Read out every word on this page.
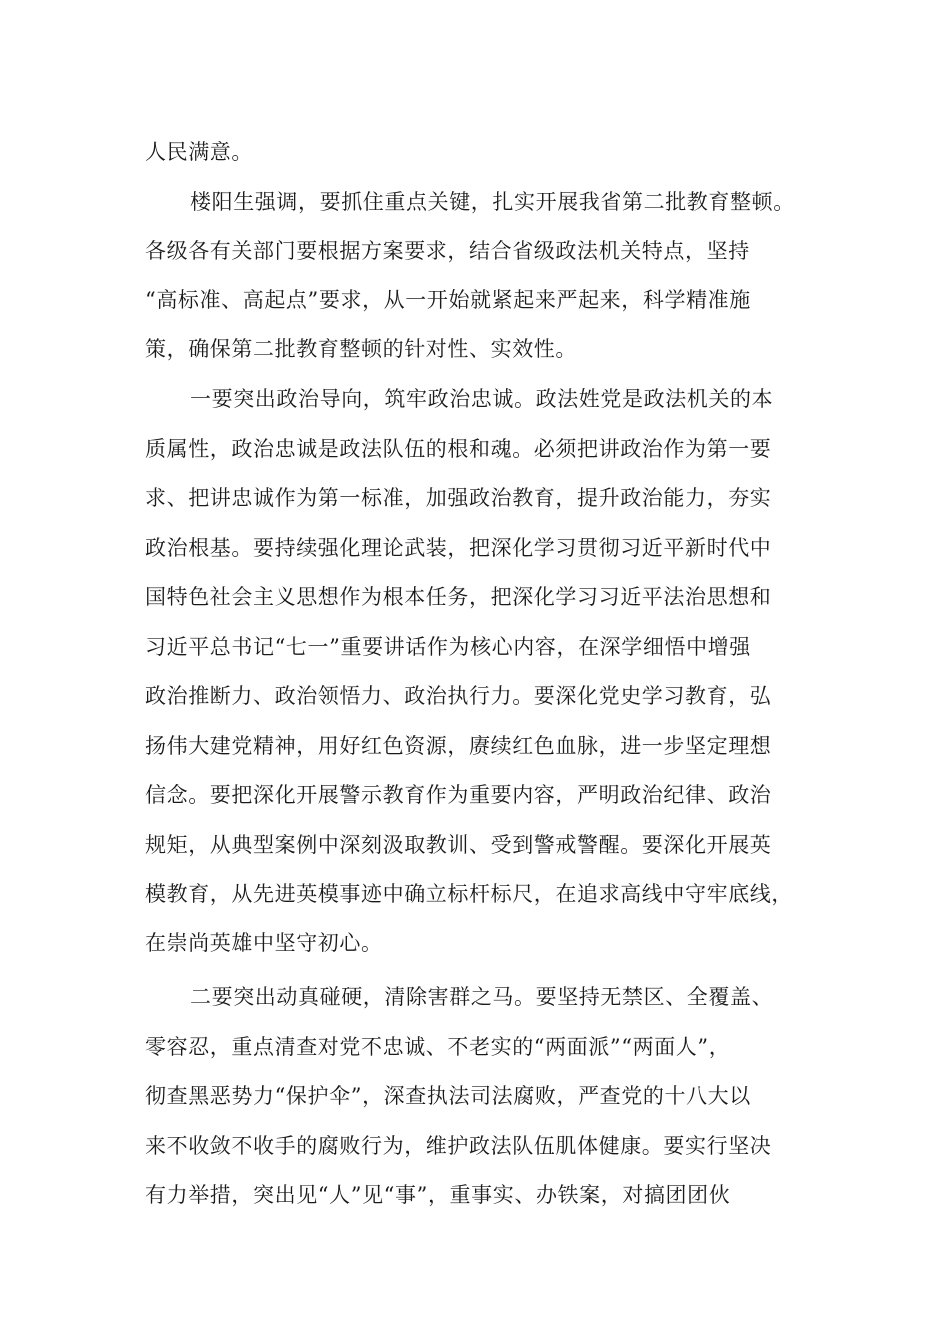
人民满意。

楼阳生强调，要抓住重点关键，扎实开展我省第二批教育整顿。

各级各有关部门要根据方案要求，结合省级政法机关特点，坚持

“高标准、高起点”要求，从一开始就紧起来严起来，科学精准施

策，确保第二批教育整顿的针对性、实效性。

一要突出政治导向，筑牢政治忠诚。政法姓党是政法机关的本

质属性，政治忠诚是政法队伍的根和魂。必须把讲政治作为第一要

求、把讲忠诚作为第一标准，加强政治教育，提升政治能力，夯实

政治根基。要持续强化理论武装，把深化学习贯彻习近平新时代中

国特色社会主义思想作为根本任务，把深化学习习近平法治思想和

习近平总书记“七一”重要讲话作为核心内容，在深学细悟中增强

政治推断力、政治领悟力、政治执行力。要深化党史学习教育，弘

扬伟大建党精神，用好红色资源，赓续红色血脉，进一步坚定理想

信念。要把深化开展警示教育作为重要内容，严明政治纪律、政治

规矩，从典型案例中深刻汲取教训、受到警戒警醒。要深化开展英

模教育，从先进英模事迹中确立标杆标尺，在追求高线中守牢底线，

在崇尚英雄中坚守初心。

二要突出动真碰硬，清除害群之马。要坚持无禁区、全覆盖、

零容忍，重点清查对党不忠诚、不老实的“两面派”“两面人”，

彻查黑恶势力“保护伞”，深查执法司法腐败，严查党的十八大以

来不收敛不收手的腐败行为，维护政法队伍肌体健康。要实行坚决

有力举措，突出见“人”见“事”，重事实、办铁案，对搞团团伙
